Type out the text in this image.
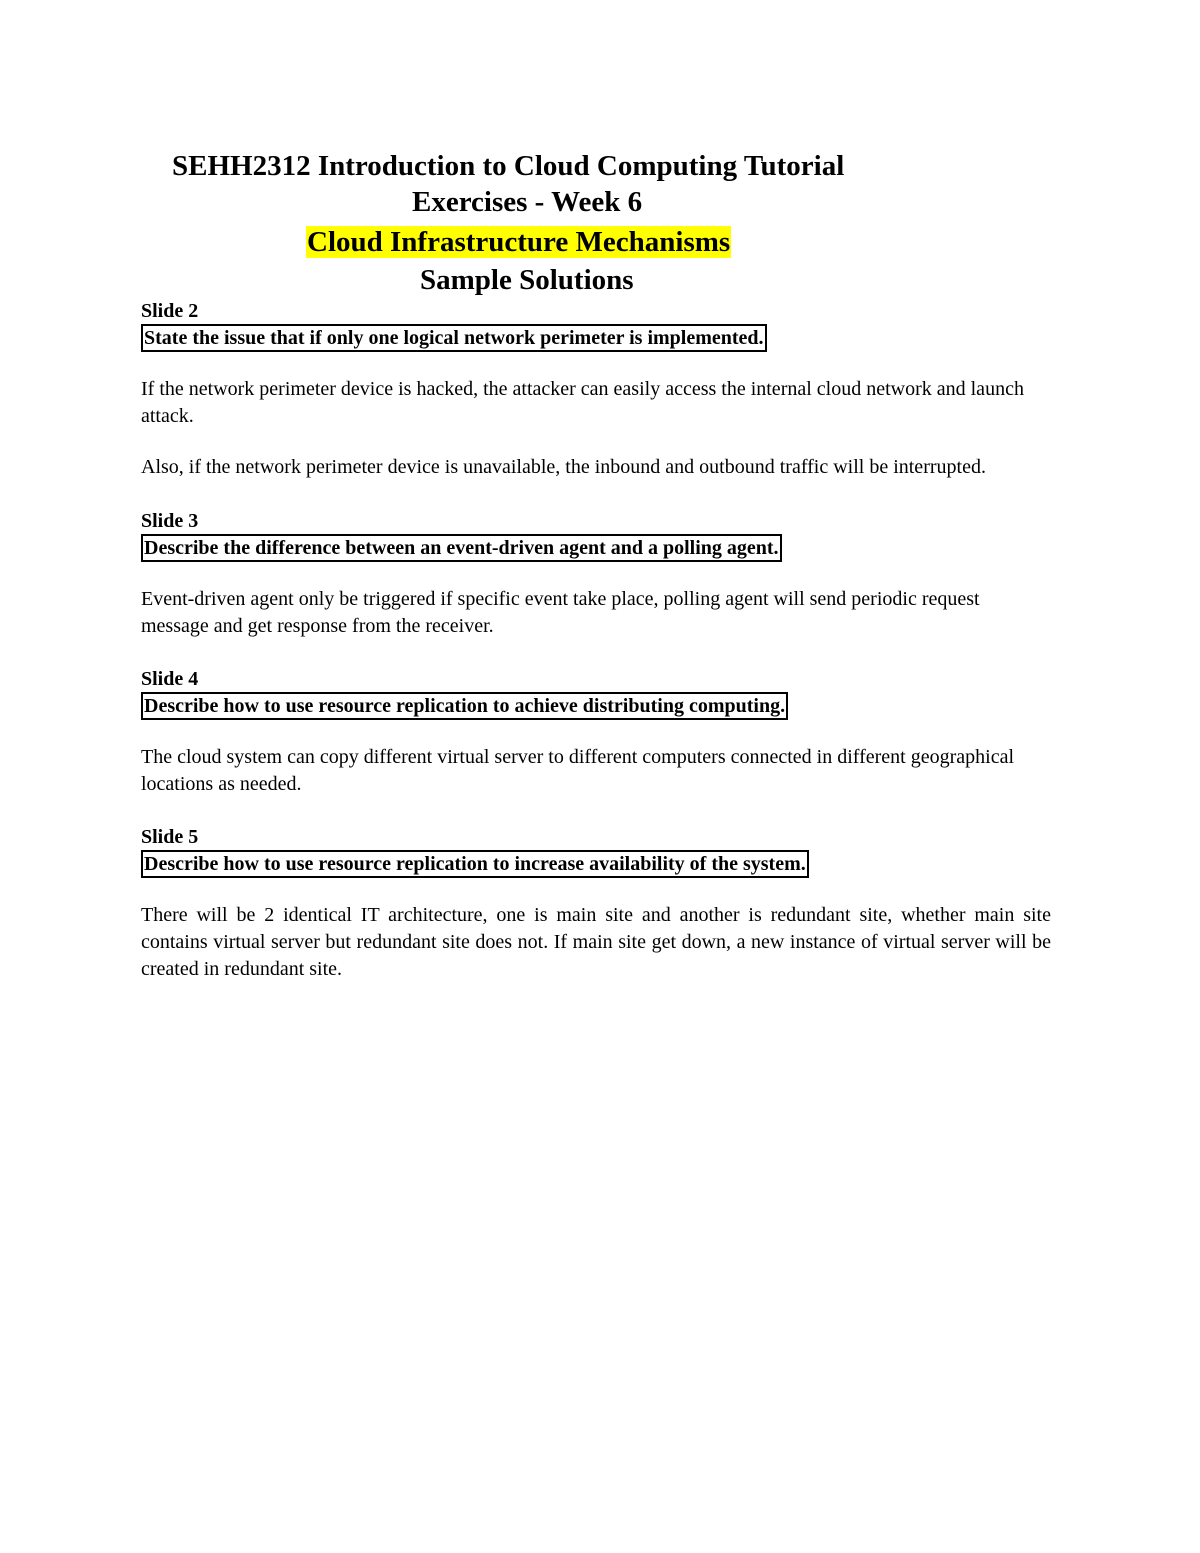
SEHH2312 Introduction to Cloud Computing Tutorial
Exercises - Week 6
Cloud Infrastructure Mechanisms
Sample Solutions

Slide 2

State the issue that if only one logical network perimeter is implemented.

If the network perimeter device is hacked, the attacker can easily access the internal cloud network and launch attack.

Also, if the network perimeter device is unavailable, the inbound and outbound traffic will be interrupted.

Slide 3

Describe the difference between an event-driven agent and a polling agent.

Event-driven agent only be triggered if specific event take place, polling agent will send periodic request message and get response from the receiver.

Slide 4

Describe how to use resource replication to achieve distributing computing.

The cloud system can copy different virtual server to different computers connected in different geographical locations as needed.

Slide 5

Describe how to use resource replication to increase availability of the system.

There will be 2 identical IT architecture, one is main site and another is redundant site, whether main site contains virtual server but redundant site does not. If main site get down, a new instance of virtual server will be created in redundant site.
